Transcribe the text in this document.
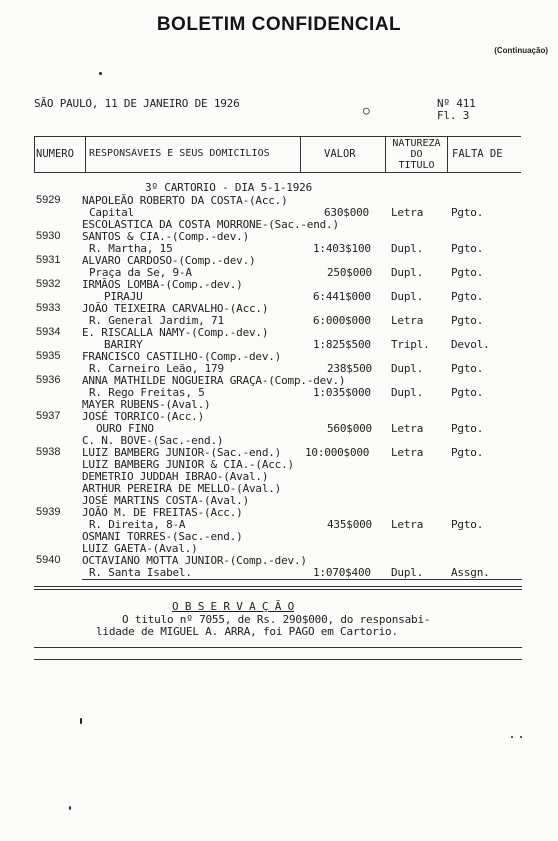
BOLETIM CONFIDENCIAL
(Continuação)
SÃO PAULO, 11 DE JANEIRO DE 1926	Nº 411
Fl. 3
○
NUMERO RESPONSAVEIS E SEUS DOMICILIOS	VALOR
NATUREZA
DO
TITULO
FALTA DE
3º CARTORIO - DIA 5-1-1926
5929 NAPOLEÃO ROBERTO DA COSTA-(Acc.)
Capital
ESCOLASTICA DA COSTA MORRONE-(Sac.-end.)
630$000 Letra	Pgto.
5930 SANTOS & CIA.-(Comp.-dev.)
R. Martha, 15	1:403$100 Dupl.	Pgto.
5931 ALVARO CARDOSO-(Comp.-dev.)
Praça da Se, 9-A	250$000 Dupl.	Pgto.
5932 IRMÃOS LOMBA-(Comp.-dev.)
PIRAJU	6:441$000 Dupl.	Pgto.
5933 JOÃO TEIXEIRA CARVALHO-(Acc.)
R. General Jardim, 71	6:000$000 Letra	Pgto.
5934 E. RISCALLA NAMY-(Comp.-dev.)
BARIRY	1:825$500 Tripl. Devol.
5935 FRANCISCO CASTILHO-(Comp.-dev.)
R. Carneiro Leão, 179	238$500 Dupl.	Pgto.
5936 ANNA MATHILDE NOGUEIRA GRAÇA-(Comp.-dev.)
R. Rego Freitas, 5
MAYER RUBENS-(Aval.)
1:035$000 Dupl.	Pgto.
5937 JOSÉ TORRICO-(Acc.)
OURO FINO
C. N. BOVE-(Sac.-end.)
560$000 Letra	Pgto.
5938 LUIZ BAMBERG JUNIOR-(Sac.-end.)
LUIZ BAMBERG JUNIOR & CIA.-(Acc.)
DEMETRIO JUDDAH IBRAO-(Aval.)
ARTHUR PEREIRA DE MELLO-(Aval.)
JOSÉ MARTINS COSTA-(Aval.)
10:000$000 Letra	Pgto.
5939 JOÃO M. DE FREITAS-(Acc.)
R. Direita, 8-A
OSMANI TORRES-(Sac.-end.)
LUIZ GAETA-(Aval.)
435$000 Letra	Pgto.
5940 OCTAVIANO MOTTA JUNIOR-(Comp.-dev.)
R. Santa Isabel.	1:070$400 Dupl.	Assgn.
O B S E R V A Ç Ã O
O titulo nº 7055, de Rs. 290$000, do responsabi-
lidade de MIGUEL A. ARRA, foi PAGO em Cartorio.
